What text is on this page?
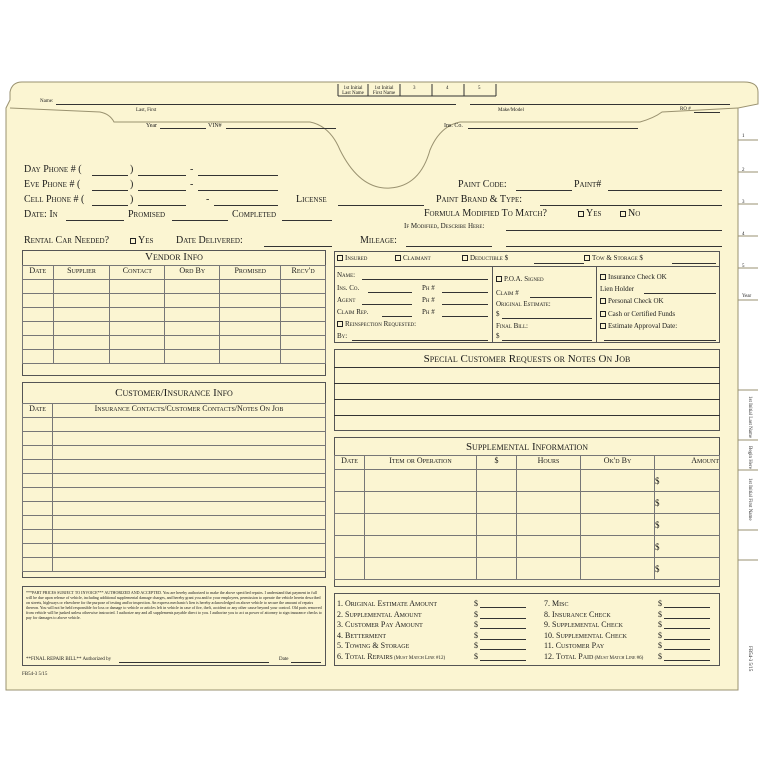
1st Initial Last Name
1st Initial First Name
3	4	5
Name:
Last, First	Make/Model	RO #
Year	VIN#	Ins. Co.
1
2
3
4
5
Year
1st Initial Last Name
Begin Here
1st Initial First Name
FB54-3 5/15
Day Phone # (	)	-
Eve Phone # (	)	-
Cell Phone # (	)	-	License
Date: In	Promised	Completed
Paint Code:	Paint#
Paint Brand & Type:
Formula Modified To Match?	Yes	No
If Modified, Describe Here:
Rental Car Needed?	Yes Date Delivered:	Mileage:
Vendor Info
Date	Supplier	Contact	Ord By	Promised	Recv'd

Customer/Insurance Info
Date	Insurance Contacts/Customer Contacts/Notes On Job

***PART PRICES SUBJECT TO INVOICE*** AUTHORIZED AND ACCEPTED. You are hereby authorized to make the above specified repairs. I understand that payment in full will be due upon release of vehicle, including additional supplemental damage charges, and hereby grant you and/or your employees, permission to operate the vehicle herein described on streets, highways or elsewhere for the purpose of testing and/or inspection. An express mechanic's lien is hereby acknowledged on above vehicle to secure the amount of repairs thereon. You will not be held responsible for loss or damage to vehicle or articles left in vehicle in case of fire, theft, accident or any other cause beyond your control. Old parts removed from vehicle will be junked unless otherwise instructed. I authorize any and all supplements payable direct to you. I authorize you to act as power of attorney to sign insurance checks to pay for damages to above vehicle.
**FINAL REPAIR BILL** Authorized by	Date
FB54-3 5/15
Insured	Claimant	Deductible $	Tow & Storage $
Name:
Ins. Co.	Ph #
Agent	Ph #
Claim Rep.	Ph #
Reinspection Requested:
By:
P.O.A. Signed
Claim #
Original Estimate:
$
Final Bill:
$
Insurance Check OK
Lien Holder
Personal Check OK
Cash or Certified Funds
Estimate Approval Date:
Special Customer Requests or Notes On Job
Supplemental Information
Date	Item or Operation	$	Hours	Ok'd By	Amount
					$
					$
					$
					$
					$
1. Original Estimate Amount	$
2. Supplemental Amount	$
3. Customer Pay Amount	$
4. Betterment	$
5. Towing & Storage	$
6. Total Repairs (Must Match Line #12)	$
7. Misc	$
8. Insurance Check	$
9. Supplemental Check	$
10. Supplemental Check	$
11. Customer Pay	$
12. Total Paid (Must Match Line #6) $
